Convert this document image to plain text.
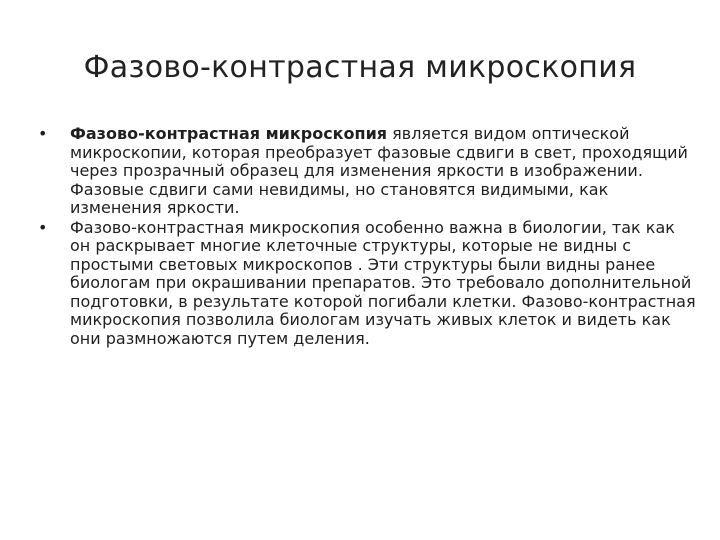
Фазово-контрастная микроскопия
• Фазово-контрастная микроскопия является видом оптической микроскопии, которая преобразует фазовые сдвиги в свет, проходящий через прозрачный образец для изменения яркости в изображении. Фазовые сдвиги сами невидимы, но становятся видимыми, как изменения яркости.
• Фазово-контрастная микроскопия особенно важна в биологии, так как он раскрывает многие клеточные структуры, которые не видны с простыми световых микроскопов . Эти структуры были видны ранее биологам при окрашивании препаратов. Это требовало дополнительной подготовки, в результате которой погибали клетки. Фазово-контрастная микроскопия позволила биологам изучать живых клеток и видеть как они размножаются путем деления.
